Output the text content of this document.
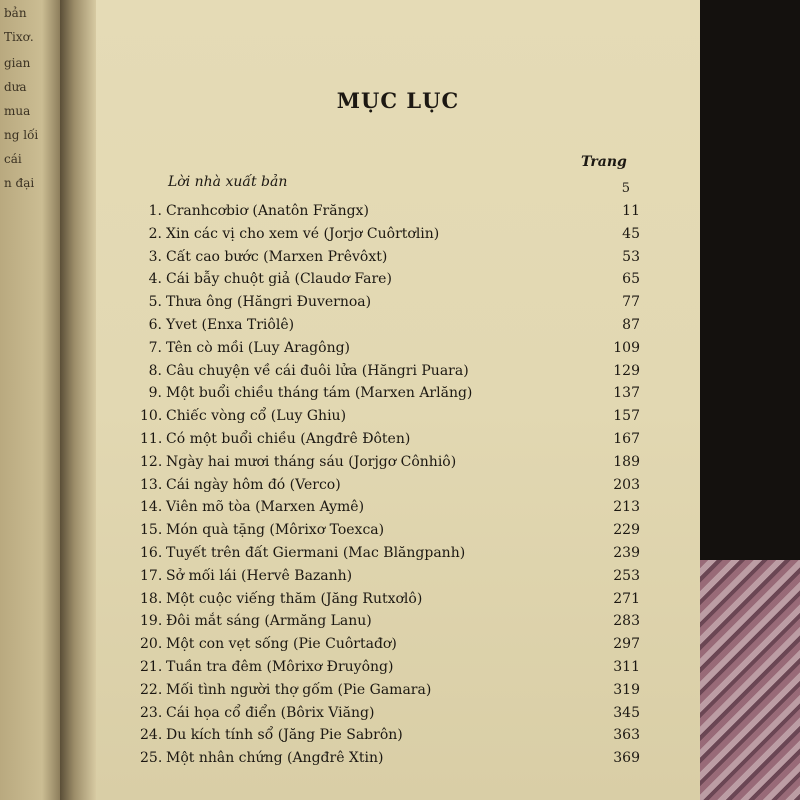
bản
Tixơ.
gian
dưa
mua
ng lối
cái
n đại
MỤC LỤC
Trang
Lời nhà xuất bản	5
1. Cranhcơbiơ (Anatôn Frăngx)	11
2. Xin các vị cho xem vé (Jorjơ Cuôrtơlin)	45
3. Cất cao bước (Marxen Prêvôxt)	53
4. Cái bẫy chuột giả (Claudơ Fare)	65
5. Thưa ông (Hăngri Đuvernoa)	77
6. Yvet (Enxa Triôlê)	87
7. Tên cò mồi (Luy Aragông)	109
8. Câu chuyện về cái đuôi lửa (Hăngri Puara)	129
9. Một buổi chiều tháng tám (Marxen Arlăng)	137
10. Chiếc vòng cổ (Luy Ghiu)	157
11. Có một buổi chiều (Angđrê Đôten)	167
12. Ngày hai mươi tháng sáu (Jorjgơ Cônhiô)	189
13. Cái ngày hôm đó (Verco)	203
14. Viên mõ tòa (Marxen Aymê)	213
15. Món quà tặng (Môrixơ Toexca)	229
16. Tuyết trên đất Giermani (Mac Blăngpanh)	239
17. Sở mối lái (Hervê Bazanh)	253
18. Một cuộc viếng thăm (Jăng Rutxơlô)	271
19. Đôi mắt sáng (Armăng Lanu)	283
20. Một con vẹt sống (Pie Cuôrtađơ)	297
21. Tuần tra đêm (Môrixơ Đruyông)	311
22. Mối tình người thợ gốm (Pie Gamara)	319
23. Cái họa cổ điển (Bôrix Viăng)	345
24. Du kích tính sổ (Jăng Pie Sabrôn)	363
25. Một nhân chứng (Angđrê Xtin)	369
